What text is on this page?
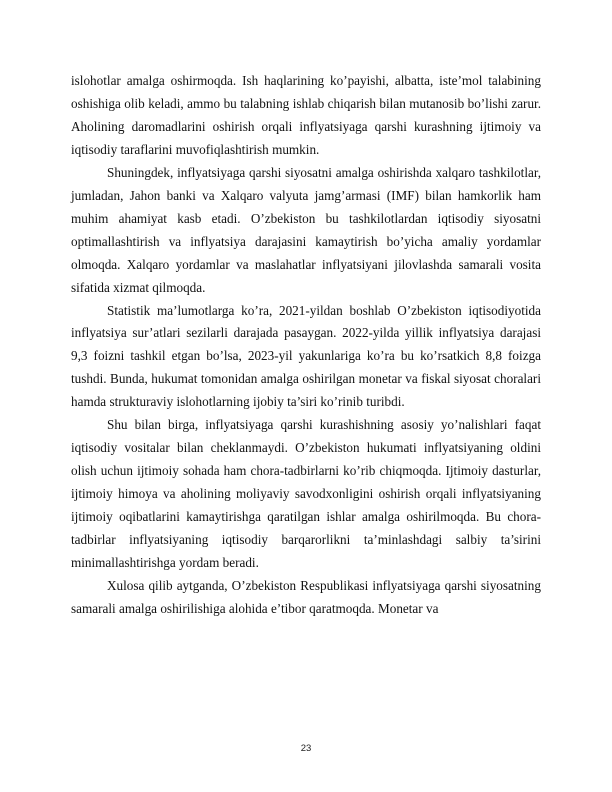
islohotlar amalga oshirmoqda. Ish haqlarining ko’payishi, albatta, iste’mol talabining oshishiga olib keladi, ammo bu talabning ishlab chiqarish bilan mutanosib bo’lishi zarur. Aholining daromadlarini oshirish orqali inflyatsiyaga qarshi kurashning ijtimoiy va iqtisodiy taraflarini muvofiqlashtirish mumkin.

Shuningdek, inflyatsiyaga qarshi siyosatni amalga oshirishda xalqaro tashkilotlar, jumladan, Jahon banki va Xalqaro valyuta jamg’armasi (IMF) bilan hamkorlik ham muhim ahamiyat kasb etadi. O’zbekiston bu tashkilotlardan iqtisodiy siyosatni optimallashtirish va inflyatsiya darajasini kamaytirish bo’yicha amaliy yordamlar olmoqda. Xalqaro yordamlar va maslahatlar inflyatsiyani jilovlashda samarali vosita sifatida xizmat qilmoqda.

Statistik ma’lumotlarga ko’ra, 2021-yildan boshlab O’zbekiston iqtisodiyotida inflyatsiya sur’atlari sezilarli darajada pasaygan. 2022-yilda yillik inflyatsiya darajasi 9,3 foizni tashkil etgan bo’lsa, 2023-yil yakunlariga ko’ra bu ko’rsatkich 8,8 foizga tushdi. Bunda, hukumat tomonidan amalga oshirilgan monetar va fiskal siyosat choralari hamda strukturaviy islohotlarning ijobiy ta’siri ko’rinib turibdi.

Shu bilan birga, inflyatsiyaga qarshi kurashishning asosiy yo’nalishlari faqat iqtisodiy vositalar bilan cheklanmaydi. O’zbekiston hukumati inflyatsiyaning oldini olish uchun ijtimoiy sohada ham chora-tadbirlarni ko’rib chiqmoqda. Ijtimoiy dasturlar, ijtimoiy himoya va aholining moliyaviy savodxonligini oshirish orqali inflyatsiyaning ijtimoiy oqibatlarini kamaytirishga qaratilgan ishlar amalga oshirilmoqda. Bu chora-tadbirlar inflyatsiyaning iqtisodiy barqarorlikni ta’minlashdagi salbiy ta’sirini minimallashtirishga yordam beradi.

Xulosa qilib aytganda, O’zbekiston Respublikasi inflyatsiyaga qarshi siyosatning samarali amalga oshirilishiga alohida e’tibor qaratmoqda. Monetar va

23
